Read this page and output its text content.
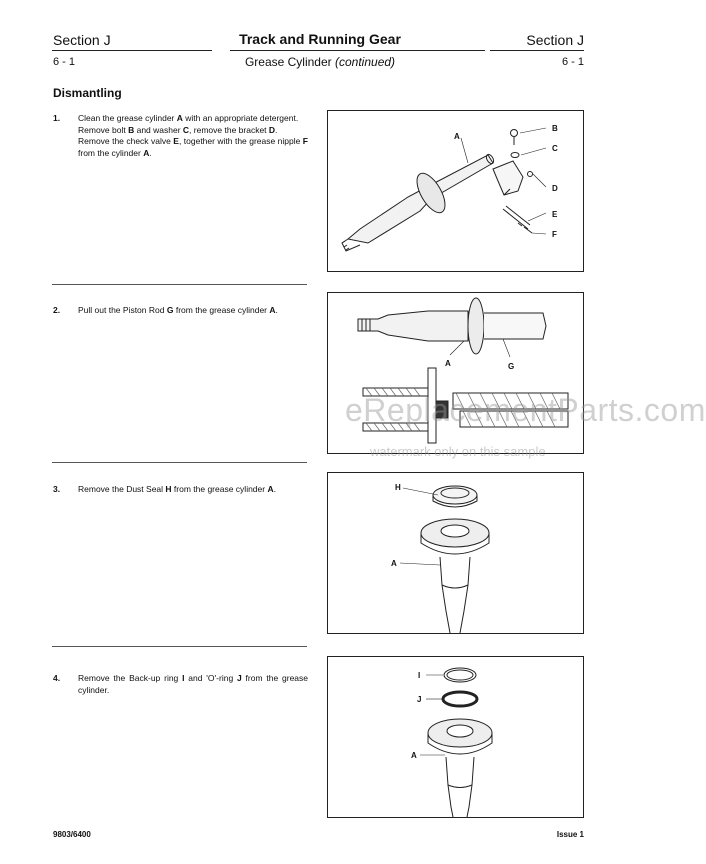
Section J	Track and Running Gear	Section J
6 - 1	Grease Cylinder (continued)	6 - 1
Dismantling
1. Clean the grease cylinder A with an appropriate detergent.
Remove bolt B and washer C, remove the bracket D.
Remove the check valve E, together with the grease nipple F from the cylinder A.
2. Pull out the Piston Rod G from the grease cylinder A.
3. Remove the Dust Seal H from the grease cylinder A.
4. Remove the Back-up ring I and 'O'-ring J from the grease cylinder.
A
B
C
D
E
F
A	G
H
A
I
J
A
eReplacementParts.com
watermark only on this sample
9803/6400	Issue 1
